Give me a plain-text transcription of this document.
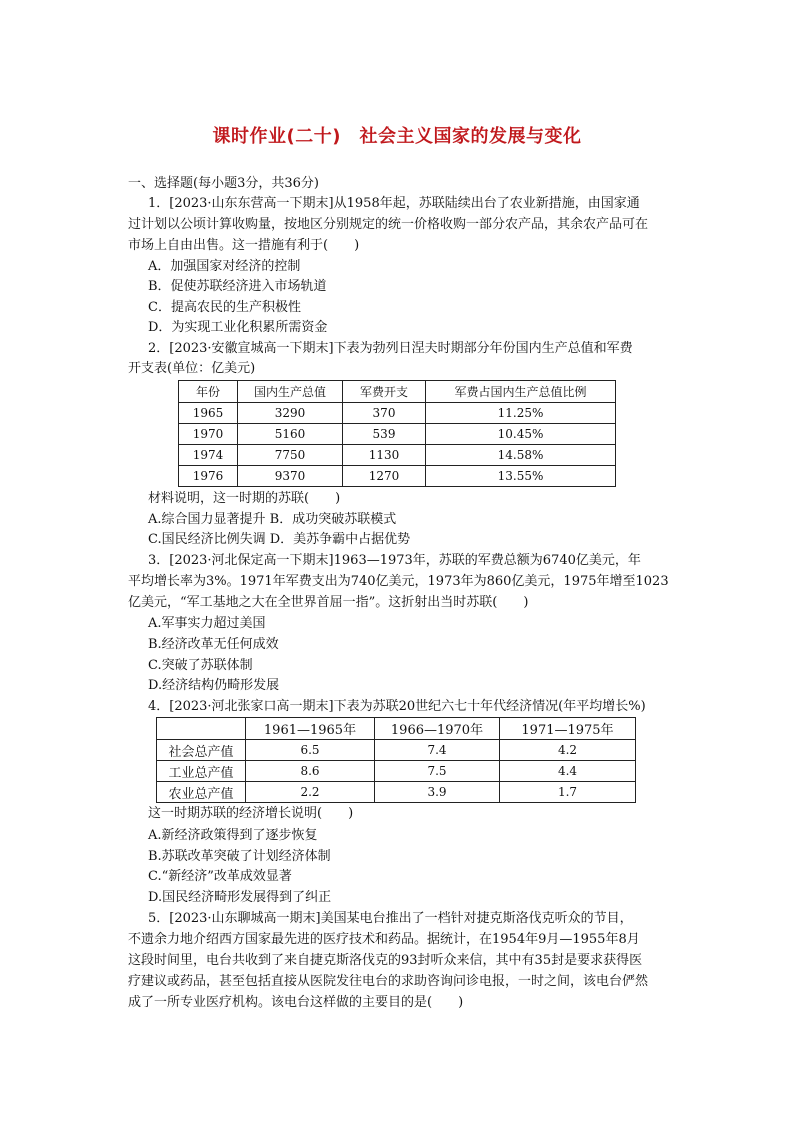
课时作业(二十)　社会主义国家的发展与变化
一、选择题(每小题3分，共36分)
1．[2023·山东东营高一下期末]从1958年起，苏联陆续出台了农业新措施，由国家通
过计划以公顷计算收购量，按地区分别规定的统一价格收购一部分农产品，其余农产品可在
市场上自由出售。这一措施有利于(　　)
A．加强国家对经济的控制
B．促使苏联经济进入市场轨道
C．提高农民的生产积极性
D．为实现工业化积累所需资金
2．[2023·安徽宣城高一下期末]下表为勃列日涅夫时期部分年份国内生产总值和军费
开支表(单位：亿美元)
年份	国内生产总值	军费开支	军费占国内生产总值比例
1965	3290	370	11.25%
1970	5160	539	10.45%
1974	7750	1130	14.58%
1976	9370	1270	13.55%
材料说明，这一时期的苏联(　　)
A.综合国力显著提升 B．成功突破苏联模式
C.国民经济比例失调 D．美苏争霸中占据优势
3．[2023·河北保定高一下期末]1963—1973年，苏联的军费总额为6740亿美元，年
平均增长率为3%。1971年军费支出为740亿美元，1973年为860亿美元，1975年增至1023
亿美元，“军工基地之大在全世界首屈一指”。这折射出当时苏联(　　)
A.军事实力超过美国
B.经济改革无任何成效
C.突破了苏联体制
D.经济结构仍畸形发展
4．[2023·河北张家口高一期末]下表为苏联20世纪六七十年代经济情况(年平均增长%)
	1961—1965年	1966—1970年	1971—1975年
社会总产值	6.5	7.4	4.2
工业总产值	8.6	7.5	4.4
农业总产值	2.2	3.9	1.7
这一时期苏联的经济增长说明(　　)
A.新经济政策得到了逐步恢复
B.苏联改革突破了计划经济体制
C.“新经济”改革成效显著
D.国民经济畸形发展得到了纠正
5．[2023·山东聊城高一期末]美国某电台推出了一档针对捷克斯洛伐克听众的节目，
不遗余力地介绍西方国家最先进的医疗技术和药品。据统计，在1954年9月—1955年8月
这段时间里，电台共收到了来自捷克斯洛伐克的93封听众来信，其中有35封是要求获得医
疗建议或药品，甚至包括直接从医院发往电台的求助咨询问诊电报，一时之间，该电台俨然
成了一所专业医疗机构。该电台这样做的主要目的是(　　)
